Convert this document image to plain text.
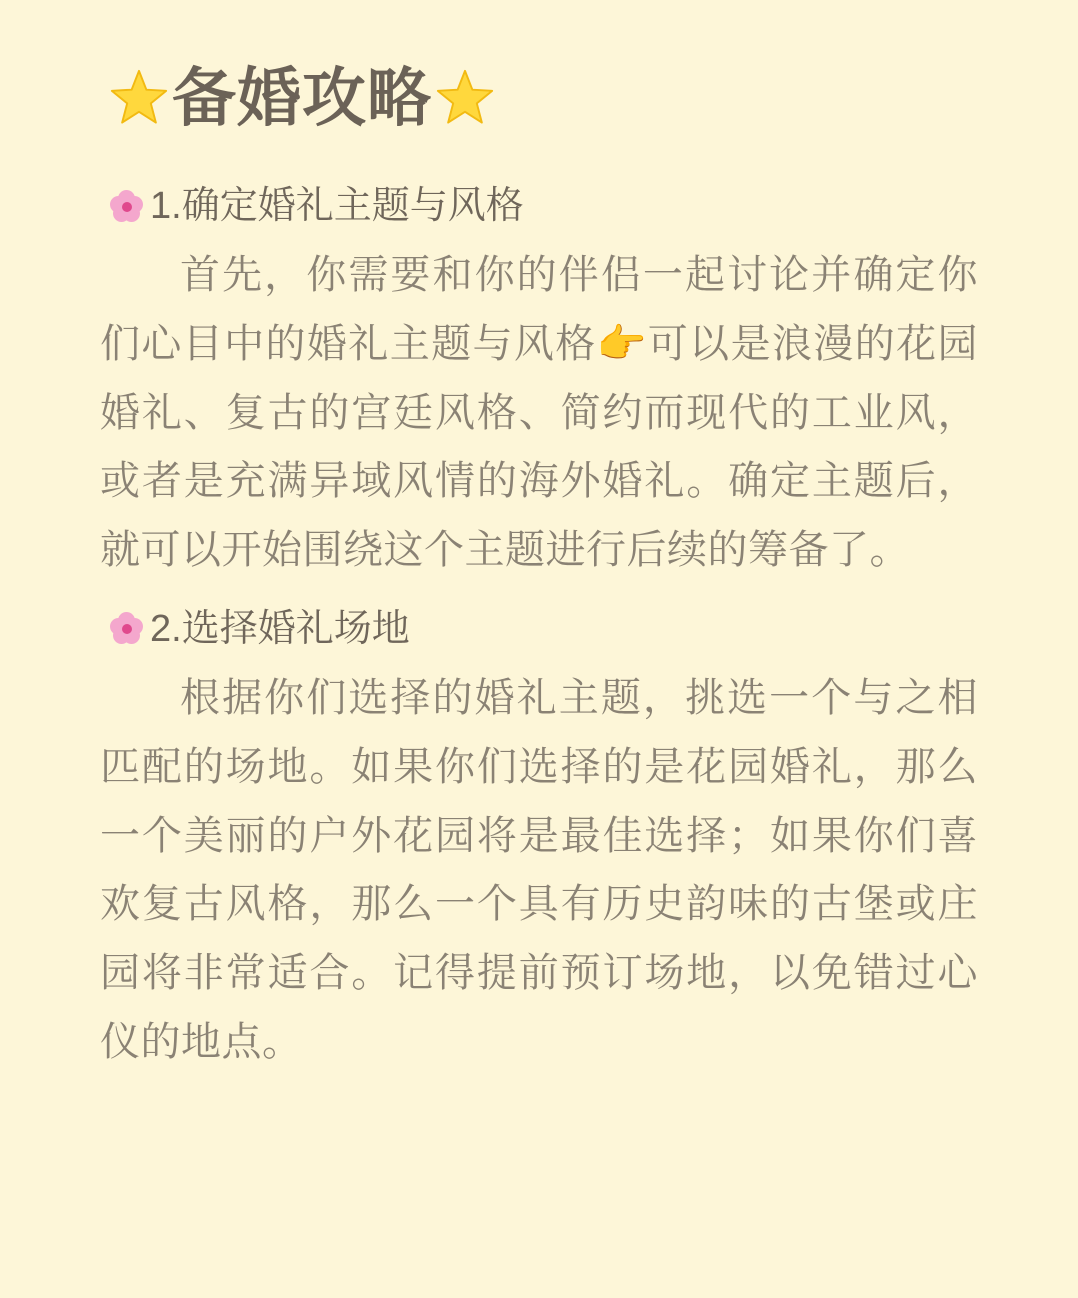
备婚攻略
1.确定婚礼主题与风格

首先，你需要和你的伴侣一起讨论并确定你们心目中的婚礼主题与风格👉可以是浪漫的花园婚礼、复古的宫廷风格、简约而现代的工业风，或者是充满异域风情的海外婚礼。确定主题后，就可以开始围绕这个主题进行后续的筹备了。

2.选择婚礼场地

根据你们选择的婚礼主题，挑选一个与之相匹配的场地。如果你们选择的是花园婚礼，那么一个美丽的户外花园将是最佳选择；如果你们喜欢复古风格，那么一个具有历史韵味的古堡或庄园将非常适合。记得提前预订场地，以免错过心仪的地点。
